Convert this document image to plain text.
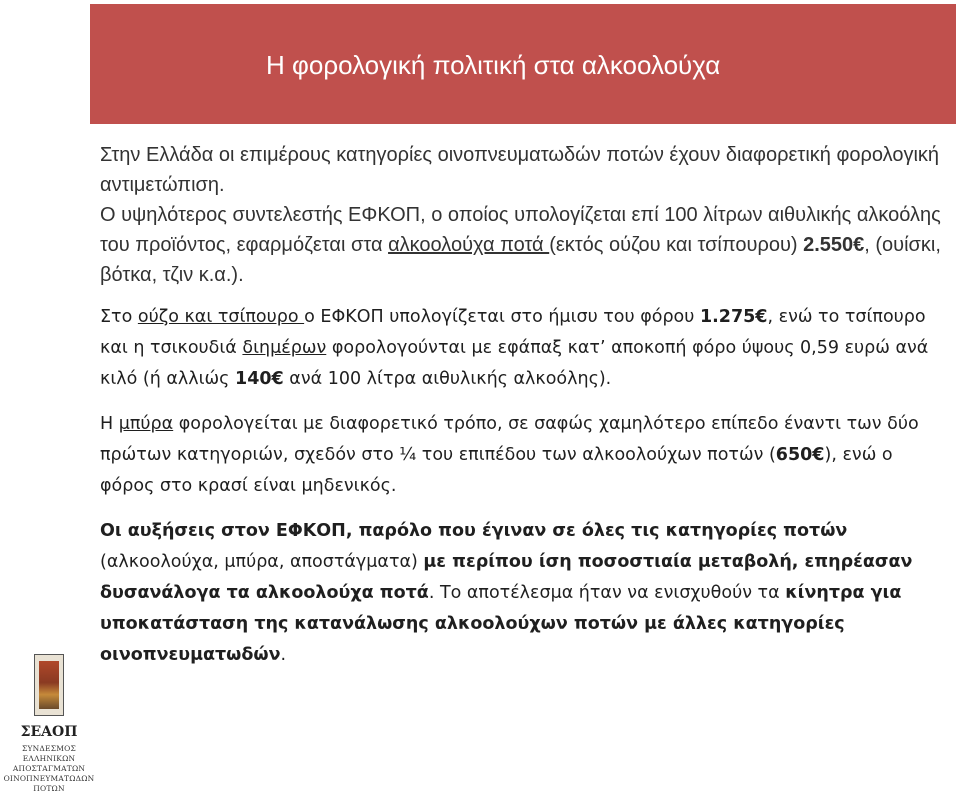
Η φορολογική πολιτική στα αλκοολούχα

Στην Ελλάδα οι επιμέρους κατηγορίες οινοπνευματωδών ποτών έχουν διαφορετική φορολογική αντιμετώπιση.

Ο υψηλότερος συντελεστής ΕΦΚΟΠ, ο οποίος υπολογίζεται επί 100 λίτρων αιθυλικής αλκοόλης του προϊόντος, εφαρμόζεται στα αλκοολούχα ποτά (εκτός ούζου και τσίπουρου) 2.550€, (ουίσκι, βότκα, τζιν κ.α.).

Στο ούζο και τσίπουρο ο ΕΦΚΟΠ υπολογίζεται στο ήμισυ του φόρου 1.275€, ενώ το τσίπουρο και η τσικουδιά διημέρων φορολογούνται με εφάπαξ κατ’ αποκοπή φόρο ύψους 0,59 ευρώ ανά κιλό (ή αλλιώς 140€ ανά 100 λίτρα αιθυλικής αλκοόλης).

Η μπύρα φορολογείται με διαφορετικό τρόπο, σε σαφώς χαμηλότερο επίπεδο έναντι των δύο πρώτων κατηγοριών, σχεδόν στο ¼ του επιπέδου των αλκοολούχων ποτών (650€), ενώ ο φόρος στο κρασί είναι μηδενικός.

Οι αυξήσεις στον ΕΦΚΟΠ, παρόλο που έγιναν σε όλες τις κατηγορίες ποτών (αλκοολούχα, μπύρα, αποστάγματα) με περίπου ίση ποσοστιαία μεταβολή, επηρέασαν δυσανάλογα τα αλκοολούχα ποτά. Το αποτέλεσμα ήταν να ενισχυθούν τα κίνητρα για υποκατάσταση της κατανάλωσης αλκοολούχων ποτών με άλλες κατηγορίες οινοπνευματωδών.

ΣΕΑΟΠ
ΣΥΝΔΕΣΜΟΣ
ΕΛΛΗΝΙΚΩΝ
ΑΠΟΣΤΑΓΜΑΤΩΝ
ΟΙΝΟΠΝΕΥΜΑΤΩΔΩΝ
ΠΟΤΩΝ
